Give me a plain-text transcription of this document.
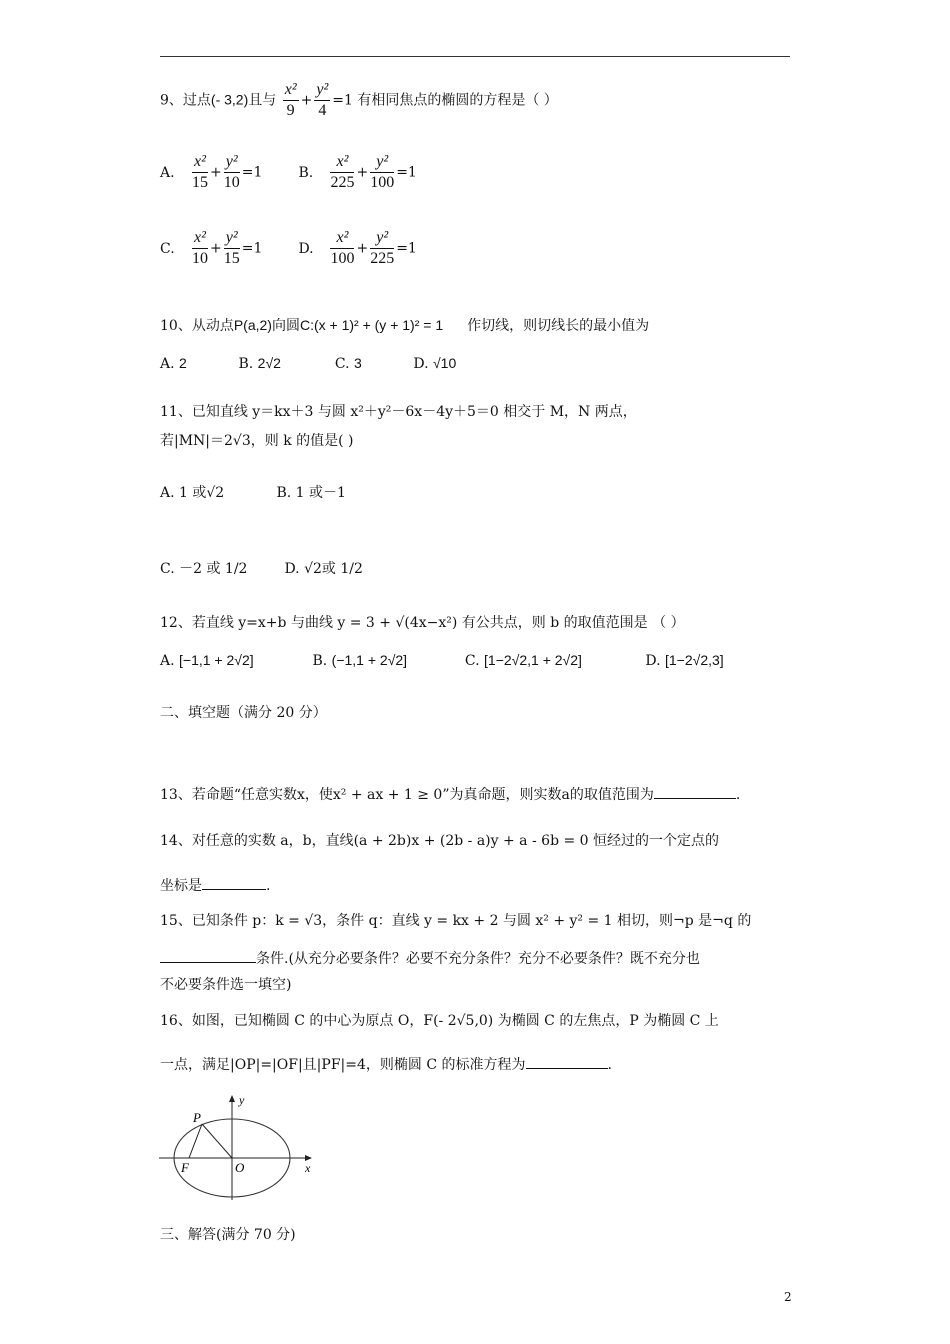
9、过点(- 3,2)且与 $\frac{\text{x²}}{9} + \frac{\text{y²}}{4} =1$ 有相同焦点的椭圆的方程是（ ）
A. $\frac{\text{x²}}{15} + \frac{\text{y²}}{10} =1$	B. $\frac{\text{x²}}{225} + \frac{\text{y²}}{100} =1$
C. $\frac{\text{x²}}{10} + \frac{\text{y²}}{15} =1$	D. $\frac{\text{x²}}{100} + \frac{\text{y²}}{225} =1$
10、从动点P(a,2)向圆C:(x + 1)² + (y + 1)² = 1 作切线，则切线长的最小值为
A. 2	B. 2√2	C. 3	D. √10
11、已知直线 y＝kx＋3 与圆 x²＋y²－6x－4y＋5＝0 相交于 M，N 两点，
若|MN|＝2√3，则 k 的值是( )
A. 1 或√2	B. 1 或－1
C. －2 或 1/2	D. √2或 1/2
12、若直线 y=x+b 与曲线 y = 3 + √(4x−x²) 有公共点，则 b 的取值范围是 （ ）
A. [−1,1 + 2√2]	B. (−1,1 + 2√2]	C. [1−2√2,1 + 2√2]	D. [1−2√2,3]
二、填空题（满分 20 分）
13、若命题“任意实数x，使x² + ax + 1 ≥ 0”为真命题，则实数a的取值范围为	.
14、对任意的实数 a，b，直线(a + 2b)x + (2b - a)y + a - 6b = 0 恒经过的一个定点的
坐标是	.
15、已知条件 p：k = √3，条件 q：直线 y = kx + 2 与圆 x² + y² = 1 相切，则¬p 是¬q 的
条件.(从充分必要条件？必要不充分条件？充分不必要条件？既不充分也
不必要条件选一填空)
16、如图，已知椭圆 C 的中心为原点 O，F(- 2√5,0) 为椭圆 C 的左焦点，P 为椭圆 C 上
一点，满足|OP|=|OF|且|PF|=4，则椭圆 C 的标准方程为	.
y
x
P
F	O
三、解答(满分 70 分)
2
